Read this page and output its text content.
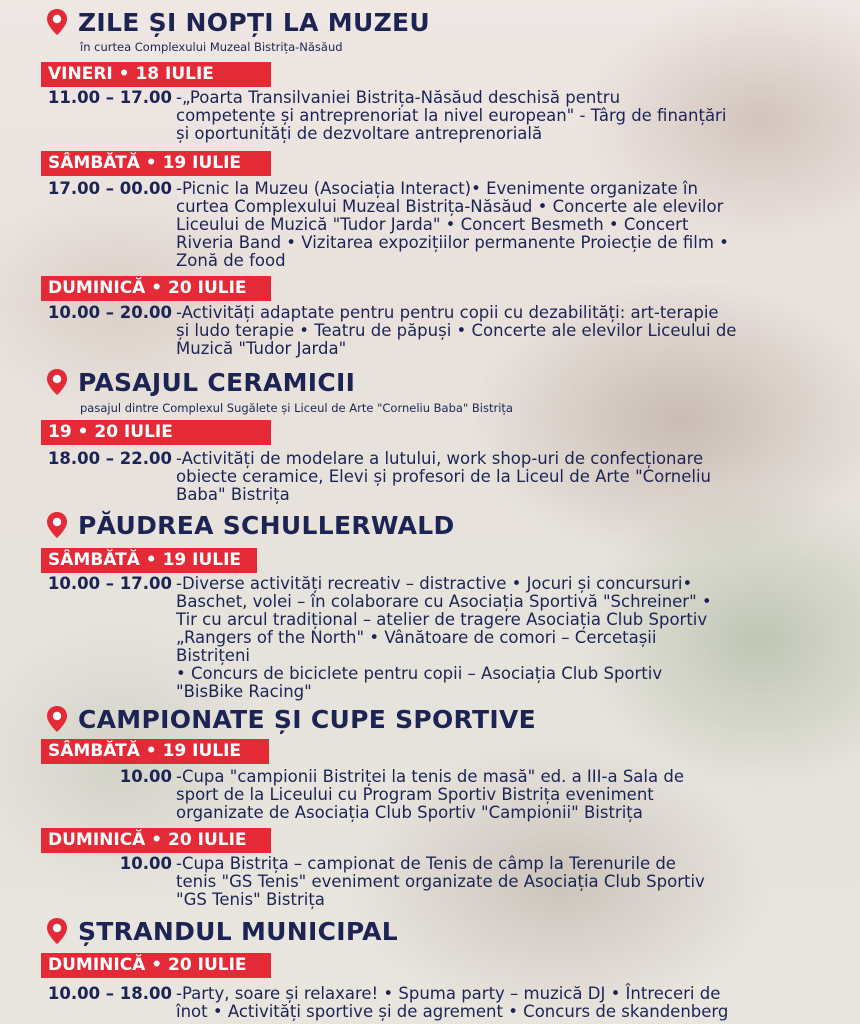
ZILE ȘI NOPȚI LA MUZEU
în curtea Complexului Muzeal Bistrița-Năsăud
VINERI • 18 IULIE
11.00 – 17.00 -„Poarta Transilvaniei Bistrița-Năsăud deschisă pentru
competențe și antreprenoriat la nivel european" - Târg de finanțări
și oportunități de dezvoltare antreprenorială
SÂMBĂTĂ • 19 IULIE
17.00 – 00.00 -Picnic la Muzeu (Asociația Interact)• Evenimente organizate în
curtea Complexului Muzeal Bistrița-Năsăud • Concerte ale elevilor
Liceului de Muzică "Tudor Jarda" • Concert Besmeth • Concert
Riveria Band • Vizitarea expozițiilor permanente Proiecție de film •
Zonă de food
DUMINICĂ • 20 IULIE
10.00 – 20.00 -Activități adaptate pentru pentru copii cu dezabilități: art-terapie
și ludo terapie • Teatru de păpuși • Concerte ale elevilor Liceului de
Muzică "Tudor Jarda"
PASAJUL CERAMICII
pasajul dintre Complexul Sugălete și Liceul de Arte "Corneliu Baba" Bistrița
19 • 20 IULIE
18.00 – 22.00 -Activități de modelare a lutului, work shop-uri de confecționare
obiecte ceramice, Elevi și profesori de la Liceul de Arte "Corneliu
Baba" Bistrița
PĂUDREA SCHULLERWALD
SÂMBĂTĂ • 19 IULIE
10.00 – 17.00 -Diverse activități recreativ – distractive • Jocuri și concursuri•
Baschet, volei – în colaborare cu Asociația Sportivă "Schreiner" •
Tir cu arcul tradițional – atelier de tragere Asociația Club Sportiv
„Rangers of the North" • Vânătoare de comori – Cercetașii
Bistrițeni
• Concurs de biciclete pentru copii – Asociația Club Sportiv
"BisBike Racing"
CAMPIONATE ȘI CUPE SPORTIVE
SÂMBĂTĂ • 19 IULIE
10.00 -Cupa "campionii Bistriței la tenis de masă" ed. a III-a Sala de
sport de la Liceului cu Program Sportiv Bistrița eveniment
organizate de Asociația Club Sportiv "Campionii" Bistrița
DUMINICĂ • 20 IULIE
10.00 -Cupa Bistrița – campionat de Tenis de câmp la Terenurile de
tenis "GS Tenis" eveniment organizate de Asociația Club Sportiv
"GS Tenis" Bistrița
ȘTRANDUL MUNICIPAL
DUMINICĂ • 20 IULIE
10.00 – 18.00 -Party, soare și relaxare! • Spuma party – muzică DJ • Întreceri de
înot • Activități sportive și de agrement • Concurs de skandenberg
